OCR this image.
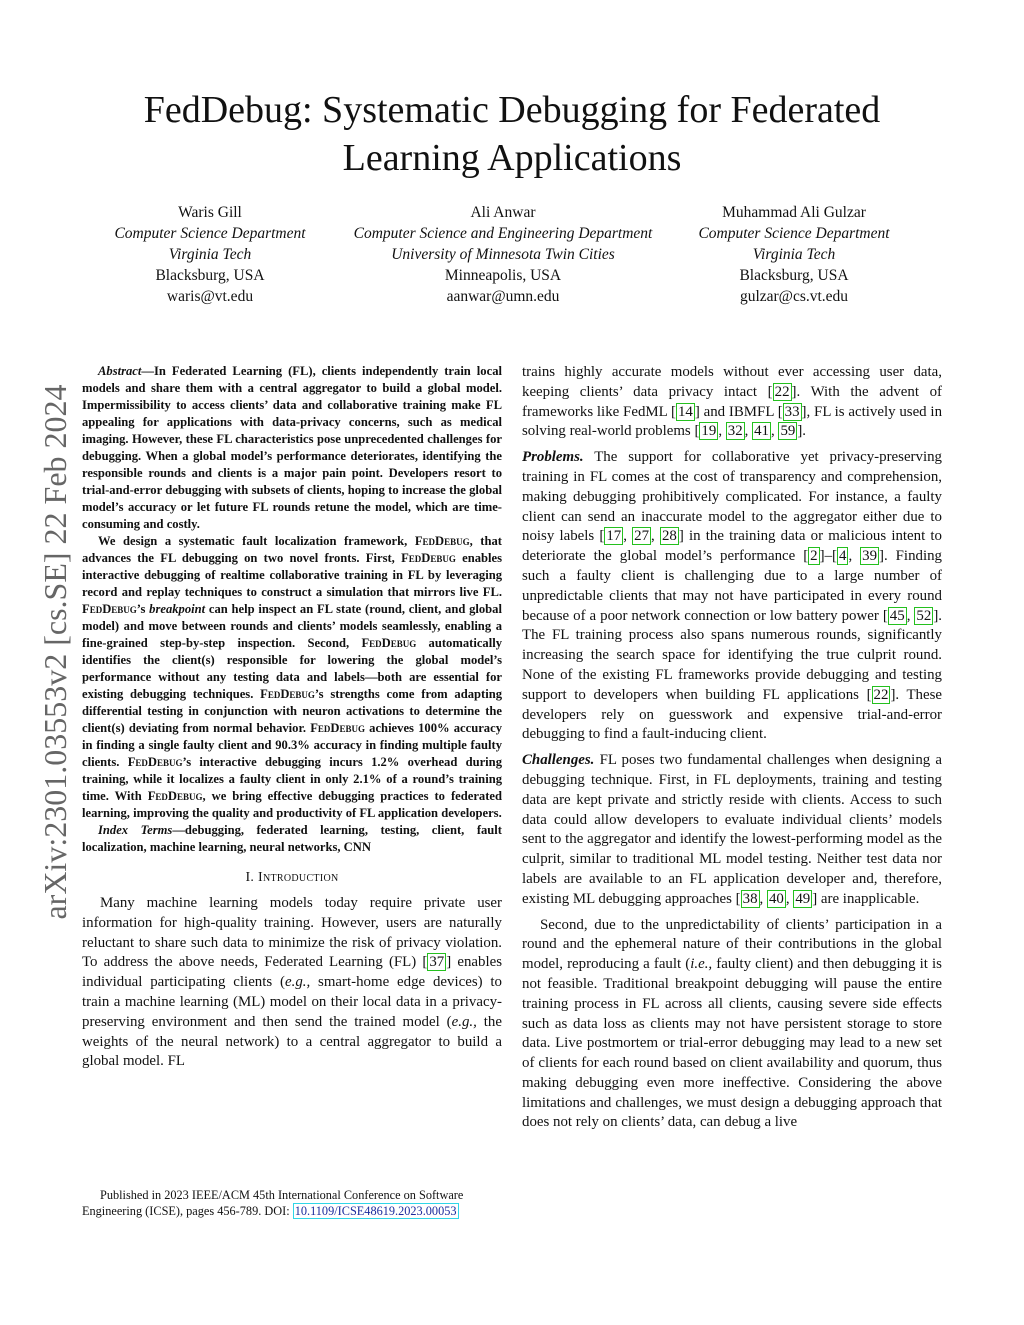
arXiv:2301.03553v2 [cs.SE] 22 Feb 2024
FedDebug: Systematic Debugging for Federated Learning Applications
Waris Gill
Computer Science Department
Virginia Tech
Blacksburg, USA
waris@vt.edu
Ali Anwar
Computer Science and Engineering Department
University of Minnesota Twin Cities
Minneapolis, USA
aanwar@umn.edu
Muhammad Ali Gulzar
Computer Science Department
Virginia Tech
Blacksburg, USA
gulzar@cs.vt.edu

Abstract—In Federated Learning (FL), clients independently train local models and share them with a central aggregator to build a global model. Impermissibility to access clients’ data and collaborative training make FL appealing for applications with data-privacy concerns, such as medical imaging. However, these FL characteristics pose unprecedented challenges for debugging. When a global model’s performance deteriorates, identifying the responsible rounds and clients is a major pain point. Developers resort to trial-and-error debugging with subsets of clients, hoping to increase the global model’s accuracy or let future FL rounds retune the model, which are time-consuming and costly.

We design a systematic fault localization framework, FedDebug, that advances the FL debugging on two novel fronts. First, FedDebug enables interactive debugging of realtime collaborative training in FL by leveraging record and replay techniques to construct a simulation that mirrors live FL. FedDebug’s breakpoint can help inspect an FL state (round, client, and global model) and move between rounds and clients’ models seamlessly, enabling a fine-grained step-by-step inspection. Second, FedDebug automatically identifies the client(s) responsible for lowering the global model’s performance without any testing data and labels—both are essential for existing debugging techniques. FedDebug’s strengths come from adapting differential testing in conjunction with neuron activations to determine the client(s) deviating from normal behavior. FedDebug achieves 100% accuracy in finding a single faulty client and 90.3% accuracy in finding multiple faulty clients. FedDebug’s interactive debugging incurs 1.2% overhead during training, while it localizes a faulty client in only 2.1% of a round’s training time. With FedDebug, we bring effective debugging practices to federated learning, improving the quality and productivity of FL application developers.

Index Terms—debugging, federated learning, testing, client, fault localization, machine learning, neural networks, CNN

I. Introduction

Many machine learning models today require private user information for high-quality training. However, users are naturally reluctant to share such data to minimize the risk of privacy violation. To address the above needs, Federated Learning (FL) [ 37 ] enables individual participating clients (e.g., smart-home edge devices) to train a machine learning (ML) model on their local data in a privacy-preserving environment and then send the trained model (e.g., the weights of the neural network) to a central aggregator to build a global model. FL

Published in 2023 IEEE/ACM 45th International Conference on Software Engineering (ICSE), pages 456-789. DOI: 10.1109/ICSE48619.2023.00053

trains highly accurate models without ever accessing user data, keeping clients’ data privacy intact [ 22 ]. With the advent of frameworks like FedML [ 14 ] and IBMFL [ 33 ], FL is actively used in solving real-world problems [ 19 , 32 , 41 , 59 ].

Problems. The support for collaborative yet privacy-preserving training in FL comes at the cost of transparency and comprehension, making debugging prohibitively complicated. For instance, a faulty client can send an inaccurate model to the aggregator either due to noisy labels [ 17 , 27 , 28 ] in the training data or malicious intent to deteriorate the global model’s performance [ 2 ]–[ 4 , 39 ]. Finding such a faulty client is challenging due to a large number of unpredictable clients that may not have participated in every round because of a poor network connection or low battery power [ 45 , 52 ]. The FL training process also spans numerous rounds, significantly increasing the search space for identifying the true culprit round. None of the existing FL frameworks provide debugging and testing support to developers when building FL applications [ 22 ]. These developers rely on guesswork and expensive trial-and-error debugging to find a fault-inducing client.

Challenges. FL poses two fundamental challenges when designing a debugging technique. First, in FL deployments, training and testing data are kept private and strictly reside with clients. Access to such data could allow developers to evaluate individual clients’ models sent to the aggregator and identify the lowest-performing model as the culprit, similar to traditional ML model testing. Neither test data nor labels are available to an FL application developer and, therefore, existing ML debugging approaches [ 38 , 40 , 49 ] are inapplicable.

Second, due to the unpredictability of clients’ participation in a round and the ephemeral nature of their contributions in the global model, reproducing a fault (i.e., faulty client) and then debugging it is not feasible. Traditional breakpoint debugging will pause the entire training process in FL across all clients, causing severe side effects such as data loss as clients may not have persistent storage to store data. Live postmortem or trial-error debugging may lead to a new set of clients for each round based on client availability and quorum, thus making debugging even more ineffective. Considering the above limitations and challenges, we must design a debugging approach that does not rely on clients’ data, can debug a live
